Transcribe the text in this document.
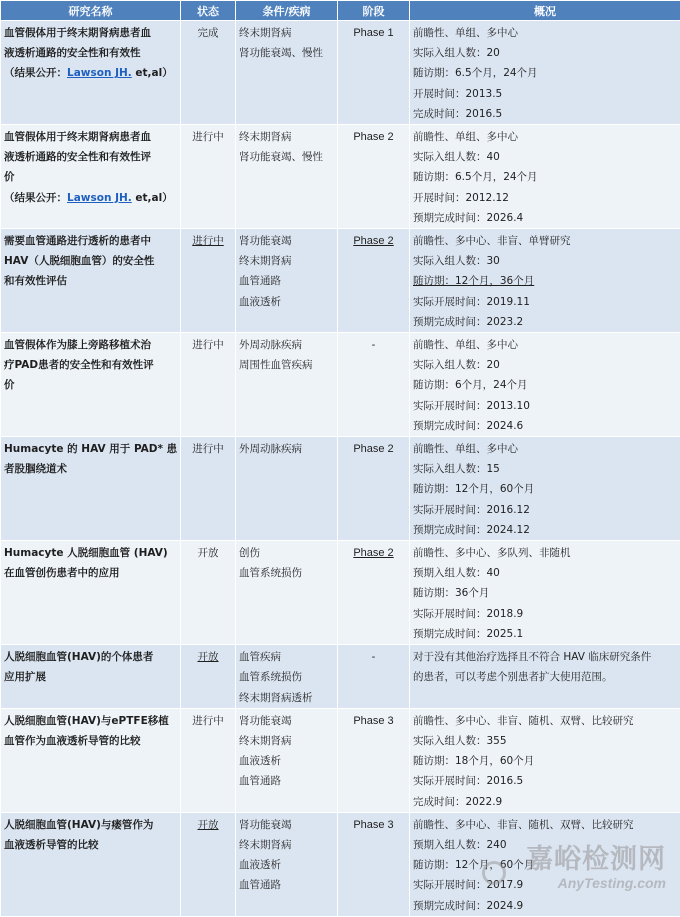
研究名称	状态	条件/疾病	阶段	概况

血管假体用于终末期肾病患者血
液透析通路的安全性和有效性
（结果公开：Lawson JH. et,al）	完成	终末期肾病
肾功能衰竭、慢性	Phase 1	前瞻性、单组、多中心
实际入组人数：20
随访期：6.5个月，24个月
开展时间：2013.5
完成时间：2016.5

血管假体用于终末期肾病患者血
液透析通路的安全性和有效性评
价
（结果公开：Lawson JH. et,al）	进行中	终末期肾病
肾功能衰竭、慢性	Phase 2	前瞻性、单组、多中心
实际入组人数：40
随访期：6.5个月，24个月
开展时间：2012.12
预期完成时间：2026.4

需要血管通路进行透析的患者中
HAV（人脱细胞血管）的安全性
和有效性评估	进行中	肾功能衰竭
终末期肾病
血管通路
血液透析	Phase 2	前瞻性、多中心、非盲、单臂研究
实际入组人数：30
随访期：12个月，36个月
实际开展时间：2019.11
预期完成时间：2023.2

血管假体作为膝上旁路移植术治
疗PAD患者的安全性和有效性评
价	进行中	外周动脉疾病
周围性血管疾病	-	前瞻性、单组、多中心
实际入组人数：20
随访期：6个月，24个月
实际开展时间：2013.10
预期完成时间：2024.6

Humacyte 的 HAV 用于 PAD* 患
者股腘绕道术	进行中	外周动脉疾病	Phase 2	前瞻性、单组、多中心
实际入组人数：15
随访期：12个月，60个月
实际开展时间：2016.12
预期完成时间：2024.12

Humacyte 人脱细胞血管 (HAV)
在血管创伤患者中的应用	开放	创伤
血管系统损伤	Phase 2	前瞻性、多中心、多队列、非随机
预期入组人数：40
随访期：36个月
实际开展时间：2018.9
预期完成时间：2025.1

人脱细胞血管(HAV)的个体患者
应用扩展	开放	血管疾病
血管系统损伤
终末期肾病透析	-	对于没有其他治疗选择且不符合 HAV 临床研究条件
的患者，可以考虑个别患者扩大使用范围。

人脱细胞血管(HAV)与ePTFE移植
血管作为血液透析导管的比较	进行中	肾功能衰竭
终末期肾病
血液透析
血管通路	Phase 3	前瞻性、多中心、非盲、随机、双臂、比较研究
实际入组人数：355
随访期：18个月，60个月
实际开展时间：2016.5
完成时间：2022.9

人脱细胞血管(HAV)与瘘管作为
血液透析导管的比较	开放	肾功能衰竭
终末期肾病
血液透析
血管通路	Phase 3	前瞻性、多中心、非盲、随机、双臂、比较研究
预期入组人数：240
随访期：12个月，60个月
实际开展时间：2017.9
预期完成时间：2024.9
嘉峪检测网
AnyTesting.com
